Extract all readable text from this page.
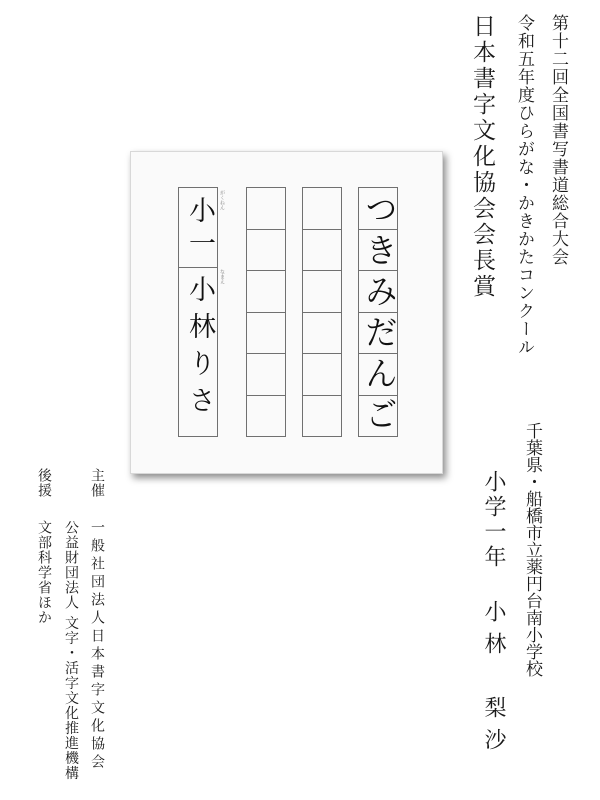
第十二回全国書写書道総合大会
令和五年度ひらがな・かきかたコンクール
日本書字文化協会会長賞
つきみだんご
小一
小林りさ
がくねん
なまえ
千葉県・船橋市立薬円台南小学校
小学一年
小林　梨沙
主催
一般社団法人日本書字文化協会
公益財団法人 文字・活字文化推進機構
後援
文部科学省ほか
